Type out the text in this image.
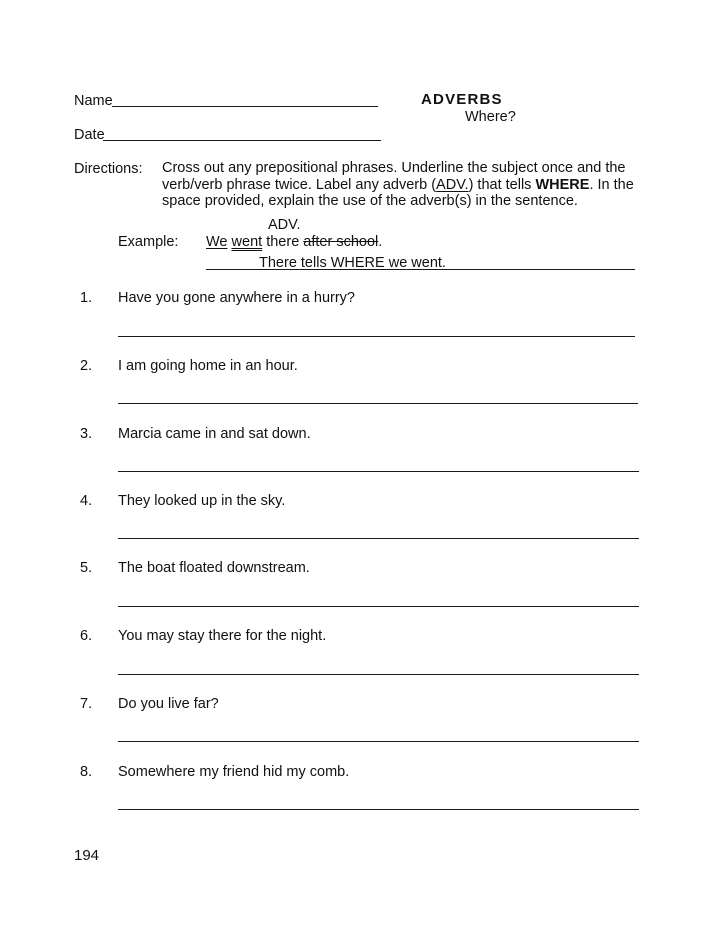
Name
Date
ADVERBS
Where?
Directions: Cross out any prepositional phrases. Underline the subject once and the verb/verb phrase twice. Label any adverb (ADV.) that tells WHERE. In the space provided, explain the use of the adverb(s) in the sentence.
ADV.
Example: We went there after school.
There tells WHERE we went.
1. Have you gone anywhere in a hurry?
2. I am going home in an hour.
3. Marcia came in and sat down.
4. They looked up in the sky.
5. The boat floated downstream.
6. You may stay there for the night.
7. Do you live far?
8. Somewhere my friend hid my comb.
194
